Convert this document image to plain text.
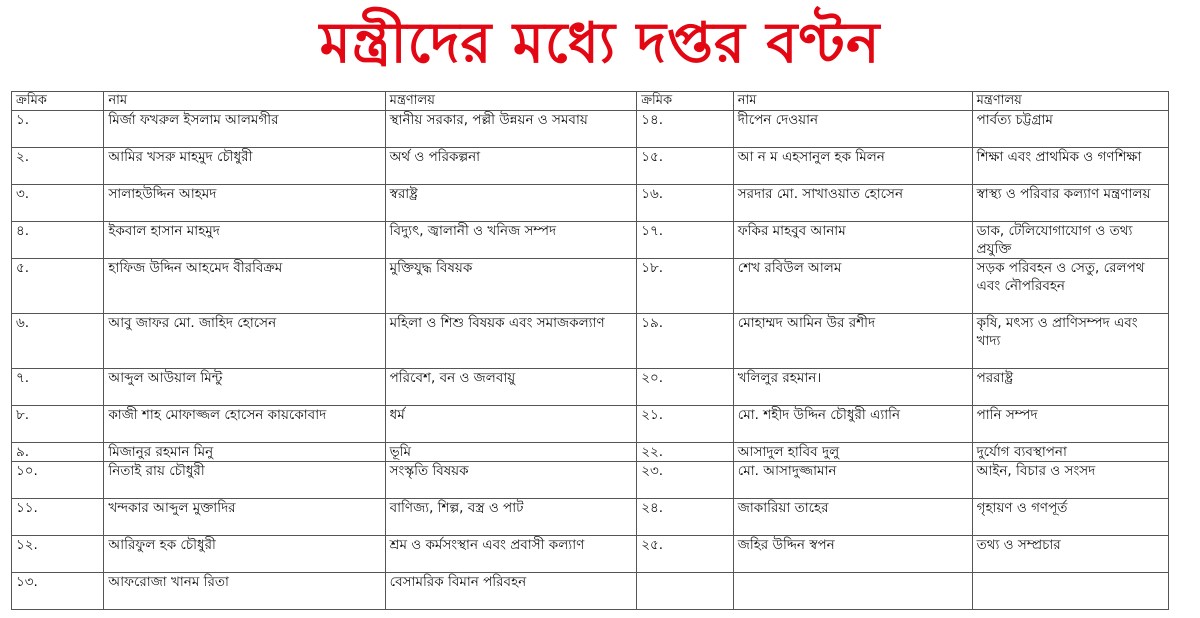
মন্ত্রীদের মধ্যে দপ্তর বণ্টন
ক্রমিক	নাম	মন্ত্রণালয়	ক্রমিক	নাম	মন্ত্রণালয়
১.	মির্জা ফখরুল ইসলাম আলমগীর	স্থানীয় সরকার, পল্লী উন্নয়ন ও সমবায়	১৪.	দীপেন দেওয়ান	পার্বত্য চট্টগ্রাম
২.	আমির খসরু মাহমুদ চৌধুরী	অর্থ ও পরিকল্পনা	১৫.	আ ন ম এহসানুল হক মিলন	শিক্ষা এবং প্রাথমিক ও গণশিক্ষা
৩.	সালাহউদ্দিন আহমদ	স্বরাষ্ট্র	১৬.	সরদার মো. সাখাওয়াত হোসেন	স্বাস্থ্য ও পরিবার কল্যাণ মন্ত্রণালয়
৪.	ইকবাল হাসান মাহমুদ	বিদ্যুৎ, জ্বালানী ও খনিজ সম্পদ	১৭.	ফকির মাহবুব আনাম	ডাক, টেলিযোগাযোগ ও তথ্য প্রযুক্তি
৫.	হাফিজ উদ্দিন আহমেদ বীরবিক্রম	মুক্তিযুদ্ধ বিষয়ক	১৮.	শেখ রবিউল আলম	সড়ক পরিবহন ও সেতু, রেলপথ এবং নৌপরিবহন
৬.	আবু জাফর মো. জাহিদ হোসেন	মহিলা ও শিশু বিষয়ক এবং সমাজকল্যাণ	১৯.	মোহাম্মদ আমিন উর রশীদ	কৃষি, মৎস্য ও প্রাণিসম্পদ এবং খাদ্য
৭.	আব্দুল আউয়াল মিন্টু	পরিবেশ, বন ও জলবায়ু	২০.	খলিলুর রহমান।	পররাষ্ট্র
৮.	কাজী শাহ মোফাজ্জল হোসেন কায়কোবাদ	ধর্ম	২১.	মো. শহীদ উদ্দিন চৌধুরী এ্যানি	পানি সম্পদ
৯.	মিজানুর রহমান মিনু	ভূমি	২২.	আসাদুল হাবিব দুলু	দুর্যোগ ব্যবস্থাপনা
১০.	নিতাই রায় চৌধুরী	সংস্কৃতি বিষয়ক	২৩.	মো. আসাদুজ্জামান	আইন, বিচার ও সংসদ
১১.	খন্দকার আব্দুল মুক্তাদির	বাণিজ্য, শিল্প, বস্ত্র ও পাট	২৪.	জাকারিয়া তাহের	গৃহায়ণ ও গণপূর্ত
১২.	আরিফুল হক চৌধুরী	শ্রম ও কর্মসংস্থান এবং প্রবাসী কল্যাণ	২৫.	জহির উদ্দিন স্বপন	তথ্য ও সম্প্রচার
১৩.	আফরোজা খানম রিতা	বেসামরিক বিমান পরিবহন			
